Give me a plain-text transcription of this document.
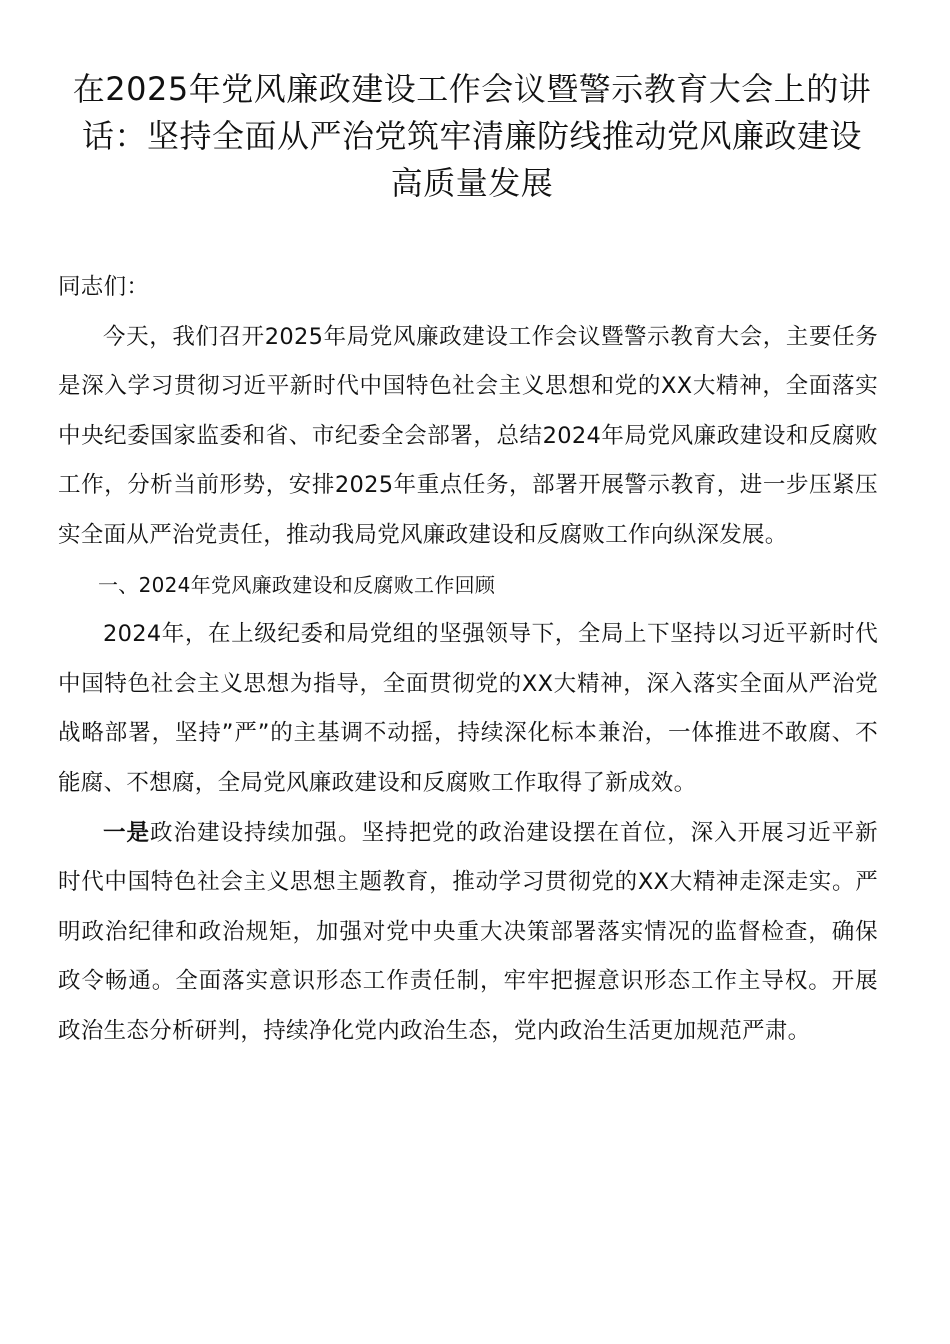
在2025年党风廉政建设工作会议暨警示教育大会上的讲话：坚持全面从严治党筑牢清廉防线推动党风廉政建设高质量发展

同志们：

今天，我们召开2025年局党风廉政建设工作会议暨警示教育大会，主要任务是深入学习贯彻习近平新时代中国特色社会主义思想和党的XX大精神，全面落实中央纪委国家监委和省、市纪委全会部署，总结2024年局党风廉政建设和反腐败工作，分析当前形势，安排2025年重点任务，部署开展警示教育，进一步压紧压实全面从严治党责任，推动我局党风廉政建设和反腐败工作向纵深发展。

一、2024年党风廉政建设和反腐败工作回顾

2024年，在上级纪委和局党组的坚强领导下，全局上下坚持以习近平新时代中国特色社会主义思想为指导，全面贯彻党的XX大精神，深入落实全面从严治党战略部署，坚持”严”的主基调不动摇，持续深化标本兼治，一体推进不敢腐、不能腐、不想腐，全局党风廉政建设和反腐败工作取得了新成效。

一是政治建设持续加强。坚持把党的政治建设摆在首位，深入开展习近平新时代中国特色社会主义思想主题教育，推动学习贯彻党的XX大精神走深走实。严明政治纪律和政治规矩，加强对党中央重大决策部署落实情况的监督检查，确保政令畅通。全面落实意识形态工作责任制，牢牢把握意识形态工作主导权。开展政治生态分析研判，持续净化党内政治生态，党内政治生活更加规范严肃。
